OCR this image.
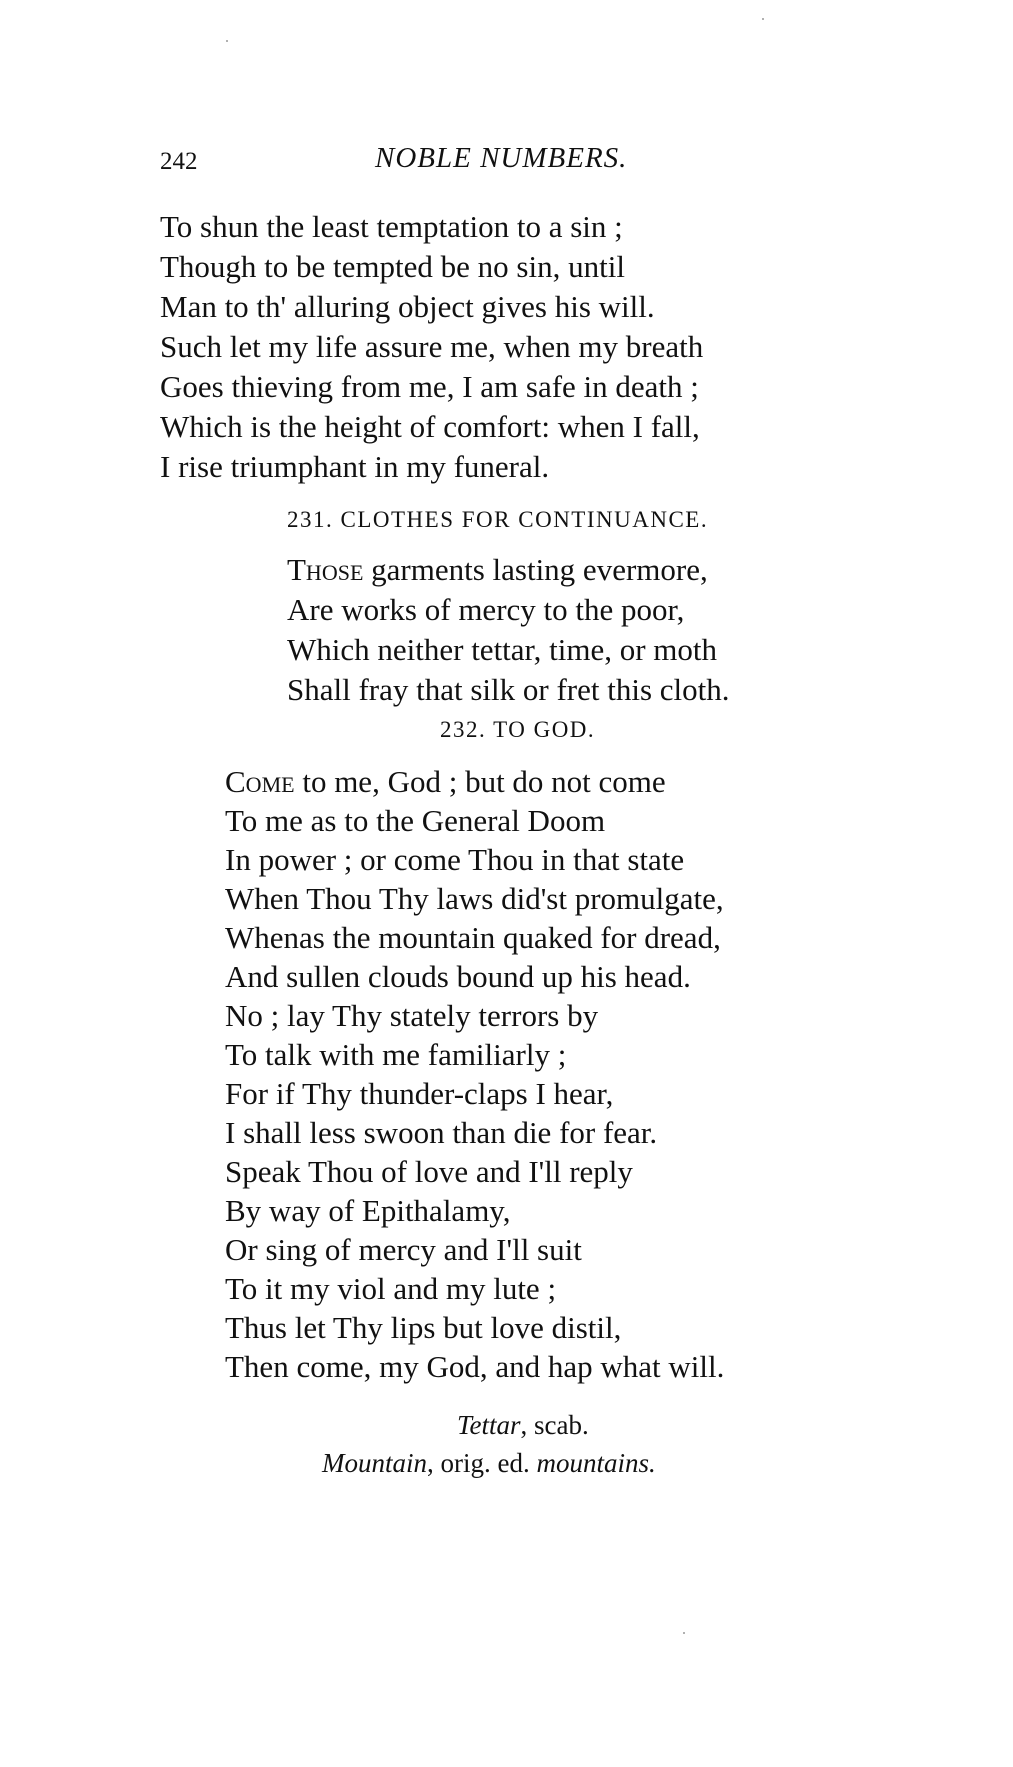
242	NOBLE NUMBERS.
To shun the least temptation to a sin ;
Though to be tempted be no sin, until
Man to th' alluring object gives his will.
Such let my life assure me, when my breath
Goes thieving from me, I am safe in death ;
Which is the height of comfort: when I fall,
I rise triumphant in my funeral.
231. CLOTHES FOR CONTINUANCE.
Those garments lasting evermore,
Are works of mercy to the poor,
Which neither tettar, time, or moth
Shall fray that silk or fret this cloth.
232. TO GOD.
Come to me, God ; but do not come
To me as to the General Doom
In power ; or come Thou in that state
When Thou Thy laws did'st promulgate,
Whenas the mountain quaked for dread,
And sullen clouds bound up his head.
No ; lay Thy stately terrors by
To talk with me familiarly ;
For if Thy thunder-claps I hear,
I shall less swoon than die for fear.
Speak Thou of love and I'll reply
By way of Epithalamy,
Or sing of mercy and I'll suit
To it my viol and my lute ;
Thus let Thy lips but love distil,
Then come, my God, and hap what will.
Tettar, scab.
Mountain, orig. ed. mountains.
